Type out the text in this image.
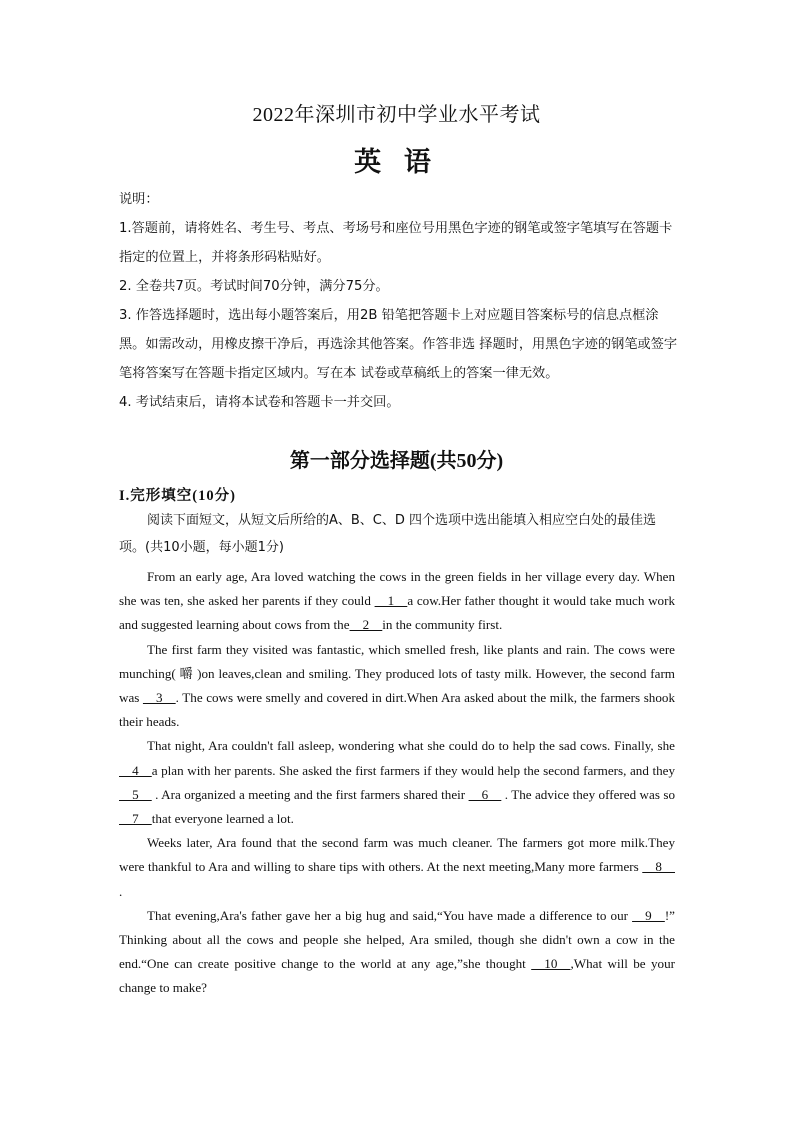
2022年深圳市初中学业水平考试
英 语

说明：

1.答题前，请将姓名、考生号、考点、考场号和座位号用黑色字迹的钢笔或签字笔填写在答题卡指定的位置上，并将条形码粘贴好。

2. 全卷共7页。考试时间70分钟，满分75分。

3. 作答选择题时，选出每小题答案后，用2B 铅笔把答题卡上对应题目答案标号的信息点框涂黑。如需改动，用橡皮擦干净后，再选涂其他答案。作答非选 择题时，用黑色字迹的钢笔或签字笔将答案写在答题卡指定区域内。写在本 试卷或草稿纸上的答案一律无效。

4. 考试结束后，请将本试卷和答题卡一并交回。

第一部分选择题(共50分)
I.完形填空(10分)
阅读下面短文，从短文后所给的A、B、C、D 四个选项中选出能填入相应空白处的最佳选项。(共10小题，每小题1分)

From an early age, Ara loved watching the cows in the green fields in her village every day. When she was ten, she asked her parents if they could     1    a cow.Her father thought it would take much work and suggested learning about cows from the    2    in the community first.

The first farm they visited was fantastic, which smelled fresh, like plants and rain. The cows were munching( 嚼 )on leaves,clean and smiling. They produced lots of tasty milk. However, the second farm was     3    . The cows were smelly and covered in dirt.When Ara asked about the milk, the farmers shook their heads.

That night, Ara couldn't fall asleep, wondering what she could do to help the sad cows. Finally, she    4    a plan with her parents. She asked the first farmers if they would help the second farmers, and they    5     . Ara organized a meeting and the first farmers shared their     6     . The advice they offered was so     7    that everyone learned a lot.

Weeks later, Ara found that the second farm was much cleaner. The farmers got more milk.They were thankful to Ara and willing to share tips with others. At the next meeting,Many more farmers     8     .

That evening,Ara's father gave her a big hug and said,“You have made a difference to our     9    !” Thinking about all the cows and people she helped, Ara smiled, though she didn't own a cow in the end.“One can create positive change to the world at any age,”she thought     10    ,What will be your change to make?
